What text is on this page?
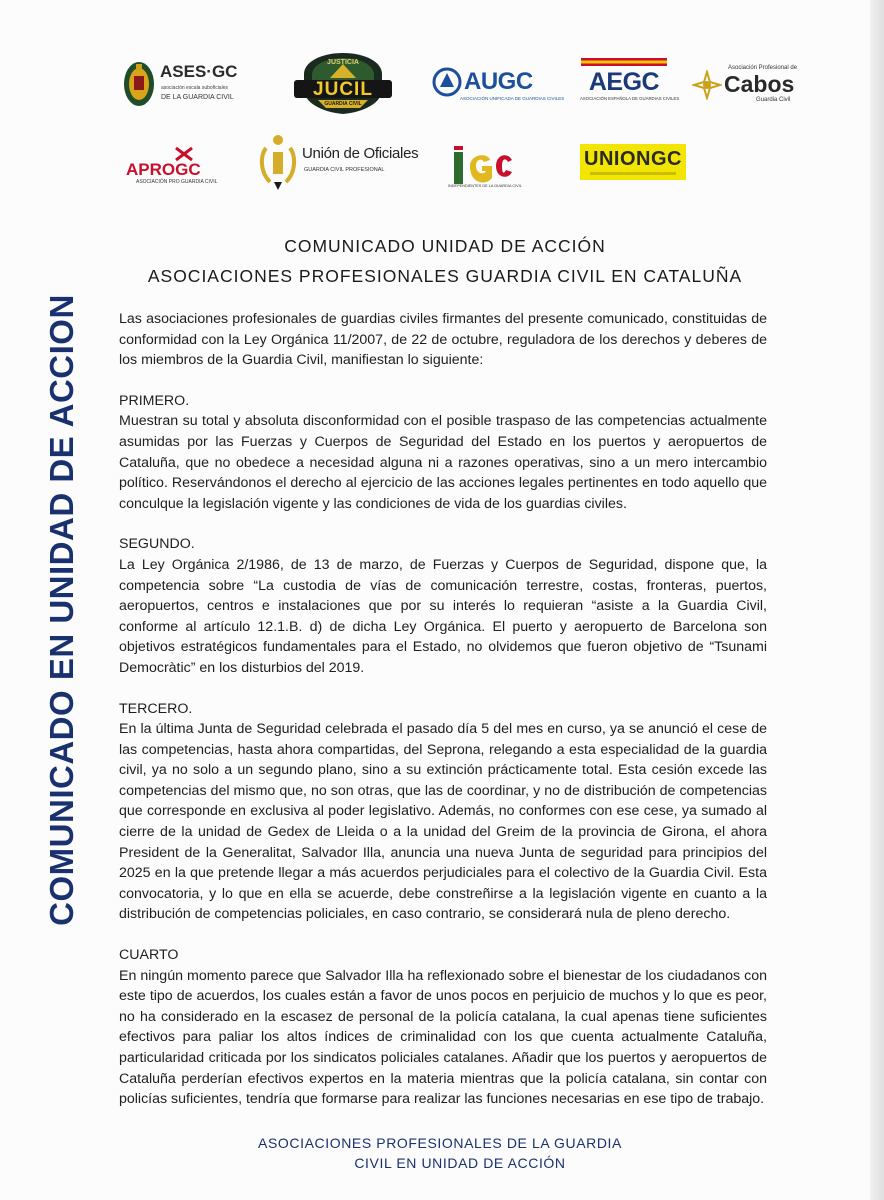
COMUNICADO EN UNIDAD DE ACCION
ASES·GC
asociación escala suboficiales
DE LA GUARDIA CIVIL
JUSTICIA
JUCIL
GUARDIA CIVIL
AUGC
ASOCIACIÓN UNIFICADA DE GUARDIAS CIVILES
AEGC
ASOCIACIÓN ESPAÑOLA DE GUARDIAS CIVILES
Asociación Profesional de
Cabos
Guardia Civil
APROGC
ASOCIACIÓN PRO GUARDIA CIVIL
Unión de Oficiales
GUARDIA CIVIL PROFESIONAL
INDEPENDIENTES DE LA GUARDIA CIVIL
UNIONGC
COMUNICADO UNIDAD DE ACCIÓN
ASOCIACIONES PROFESIONALES GUARDIA CIVIL EN CATALUÑA

Las asociaciones profesionales de guardias civiles firmantes del presente comunicado, constituidas de conformidad con la Ley Orgánica 11/2007, de 22 de octubre, reguladora de los derechos y deberes de los miembros de la Guardia Civil, manifiestan lo siguiente:

PRIMERO.

Muestran su total y absoluta disconformidad con el posible traspaso de las competencias actualmente asumidas por las Fuerzas y Cuerpos de Seguridad del Estado en los puertos y aeropuertos de Cataluña, que no obedece a necesidad alguna ni a razones operativas, sino a un mero intercambio político. Reservándonos el derecho al ejercicio de las acciones legales pertinentes en todo aquello que conculque la legislación vigente y las condiciones de vida de los guardias civiles.

SEGUNDO.

La Ley Orgánica 2/1986, de 13 de marzo, de Fuerzas y Cuerpos de Seguridad, dispone que, la competencia sobre “La custodia de vías de comunicación terrestre, costas, fronteras, puertos, aeropuertos, centros e instalaciones que por su interés lo requieran “asiste a la Guardia Civil, conforme al artículo 12.1.B. d) de dicha Ley Orgánica. El puerto y aeropuerto de Barcelona son objetivos estratégicos fundamentales para el Estado, no olvidemos que fueron objetivo de “Tsunami Democràtic” en los disturbios del 2019.

TERCERO.

En la última Junta de Seguridad celebrada el pasado día 5 del mes en curso, ya se anunció el cese de las competencias, hasta ahora compartidas, del Seprona, relegando a esta especialidad de la guardia civil, ya no solo a un segundo plano, sino a su extinción prácticamente total. Esta cesión excede las competencias del mismo que, no son otras, que las de coordinar, y no de distribución de competencias que corresponde en exclusiva al poder legislativo. Además, no conformes con ese cese, ya sumado al cierre de la unidad de Gedex de Lleida o a la unidad del Greim de la provincia de Girona, el ahora President de la Generalitat, Salvador Illa, anuncia una nueva Junta de seguridad para principios del 2025 en la que pretende llegar a más acuerdos perjudiciales para el colectivo de la Guardia Civil. Esta convocatoria, y lo que en ella se acuerde, debe constreñirse a la legislación vigente en cuanto a la distribución de competencias policiales, en caso contrario, se considerará nula de pleno derecho.

CUARTO

En ningún momento parece que Salvador Illa ha reflexionado sobre el bienestar de los ciudadanos con este tipo de acuerdos, los cuales están a favor de unos pocos en perjuicio de muchos y lo que es peor, no ha considerado en la escasez de personal de la policía catalana, la cual apenas tiene suficientes efectivos para paliar los altos índices de criminalidad con los que cuenta actualmente Cataluña, particularidad criticada por los sindicatos policiales catalanes. Añadir que los puertos y aeropuertos de Cataluña perderían efectivos expertos en la materia mientras que la policía catalana, sin contar con policías suficientes, tendría que formarse para realizar las funciones necesarias en ese tipo de trabajo.

ASOCIACIONES PROFESIONALES DE LA GUARDIA
CIVIL EN UNIDAD DE ACCIÓN
